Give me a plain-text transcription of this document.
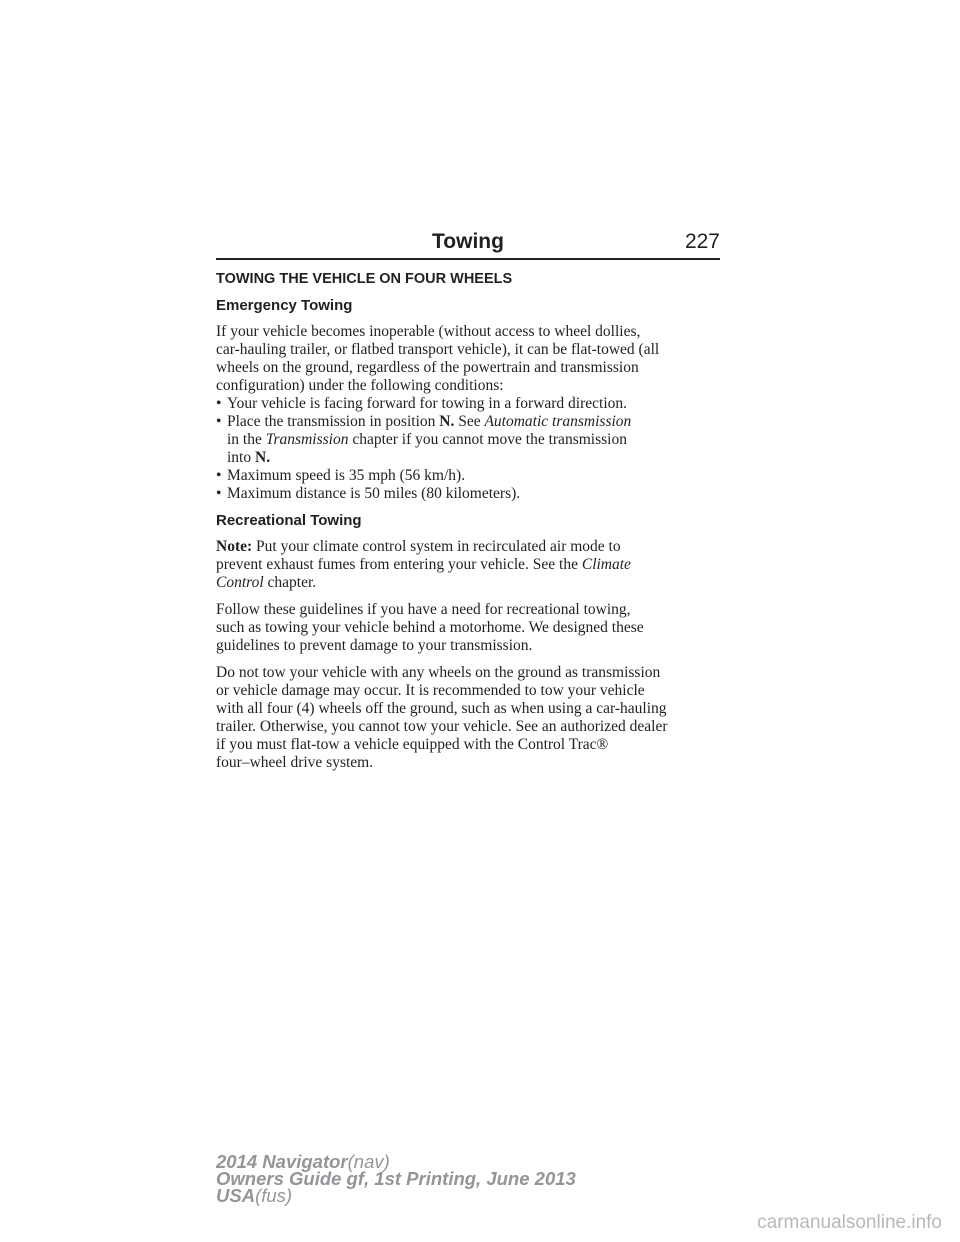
Towing	227
TOWING THE VEHICLE ON FOUR WHEELS
Emergency Towing
If your vehicle becomes inoperable (without access to wheel dollies,
car-hauling trailer, or flatbed transport vehicle), it can be flat-towed (all
wheels on the ground, regardless of the powertrain and transmission
configuration) under the following conditions:
• Your vehicle is facing forward for towing in a forward direction.
• Place the transmission in position N. See Automatic transmission
in the Transmission chapter if you cannot move the transmission
into N.
• Maximum speed is 35 mph (56 km/h).
• Maximum distance is 50 miles (80 kilometers).
Recreational Towing
Note: Put your climate control system in recirculated air mode to
prevent exhaust fumes from entering your vehicle. See the Climate
Control chapter.
Follow these guidelines if you have a need for recreational towing,
such as towing your vehicle behind a motorhome. We designed these
guidelines to prevent damage to your transmission.
Do not tow your vehicle with any wheels on the ground as transmission
or vehicle damage may occur. It is recommended to tow your vehicle
with all four (4) wheels off the ground, such as when using a car-hauling
trailer. Otherwise, you cannot tow your vehicle. See an authorized dealer
if you must flat-tow a vehicle equipped with the Control Trac®
four–wheel drive system.
2014 Navigator(nav)
Owners Guide gf, 1st Printing, June 2013
USA(fus)
carmanualsonline.info
